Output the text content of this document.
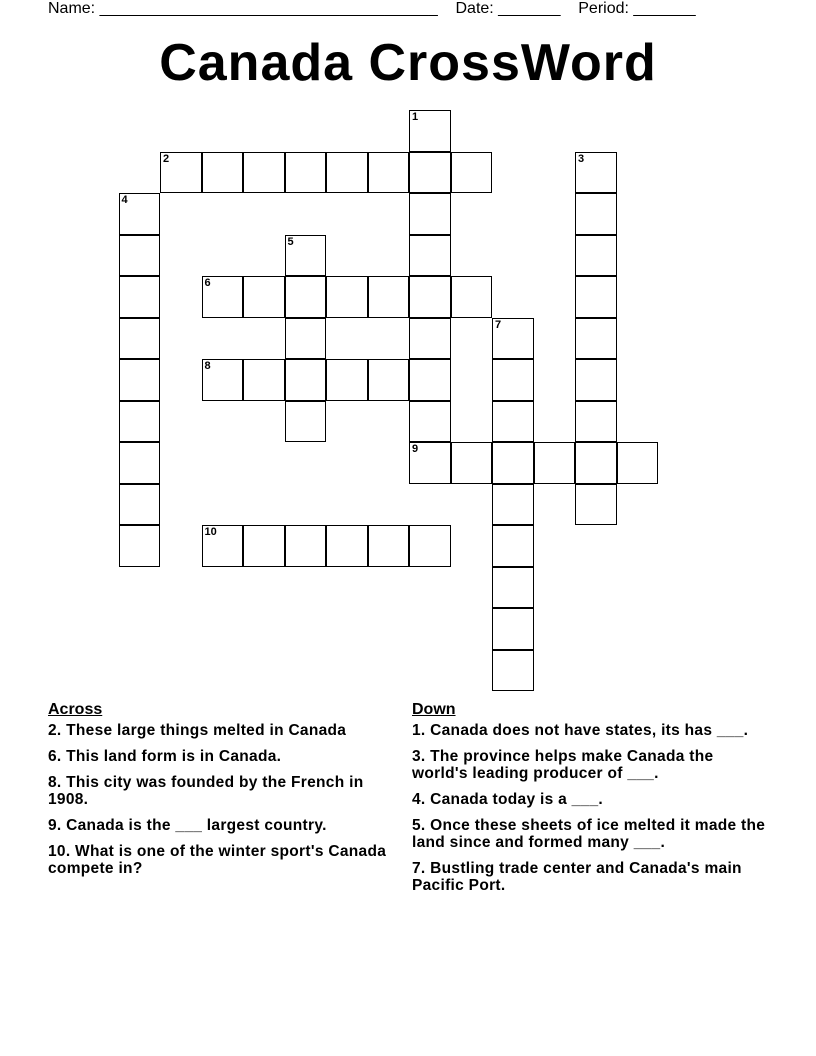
Name: ______________________________________    Date: _______    Period: _______
Canada CrossWord
1
2	3
4
5
6
7
8
9
10
Across
2. These large things melted in Canada
6. This land form is in Canada.
8. This city was founded by the French in 1908.
9. Canada is the ___ largest country.
10. What is one of the winter sport's Canada compete in?
Down
1. Canada does not have states, its has ___.
3. The province helps make Canada the world's leading producer of ___.
4. Canada today is a ___.
5. Once these sheets of ice melted it made the land since and formed many ___.
7. Bustling trade center and Canada's main Pacific Port.
